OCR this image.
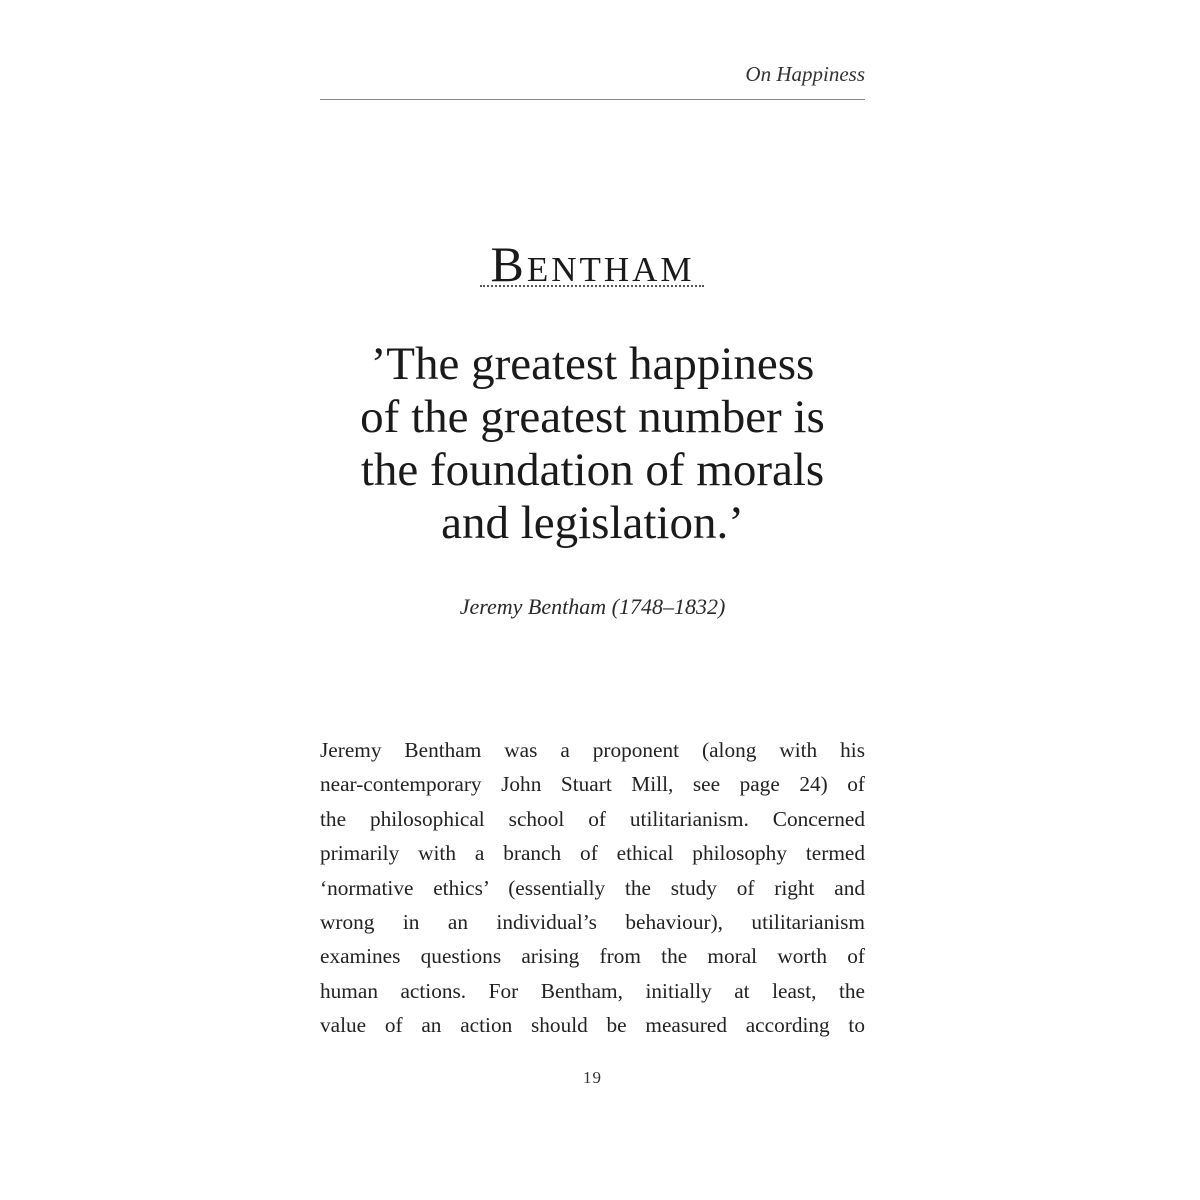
On Happiness
Bentham
’The greatest happiness
of the greatest number is
the foundation of morals
and legislation.’
Jeremy Bentham (1748–1832)
Jeremy Bentham was a proponent (along with his
near-contemporary John Stuart Mill, see page 24) of
the philosophical school of utilitarianism. Concerned
primarily with a branch of ethical philosophy termed
‘normative ethics’ (essentially the study of right and
wrong in an individual’s behaviour), utilitarianism
examines questions arising from the moral worth of
human actions. For Bentham, initially at least, the
value of an action should be measured according to
19
